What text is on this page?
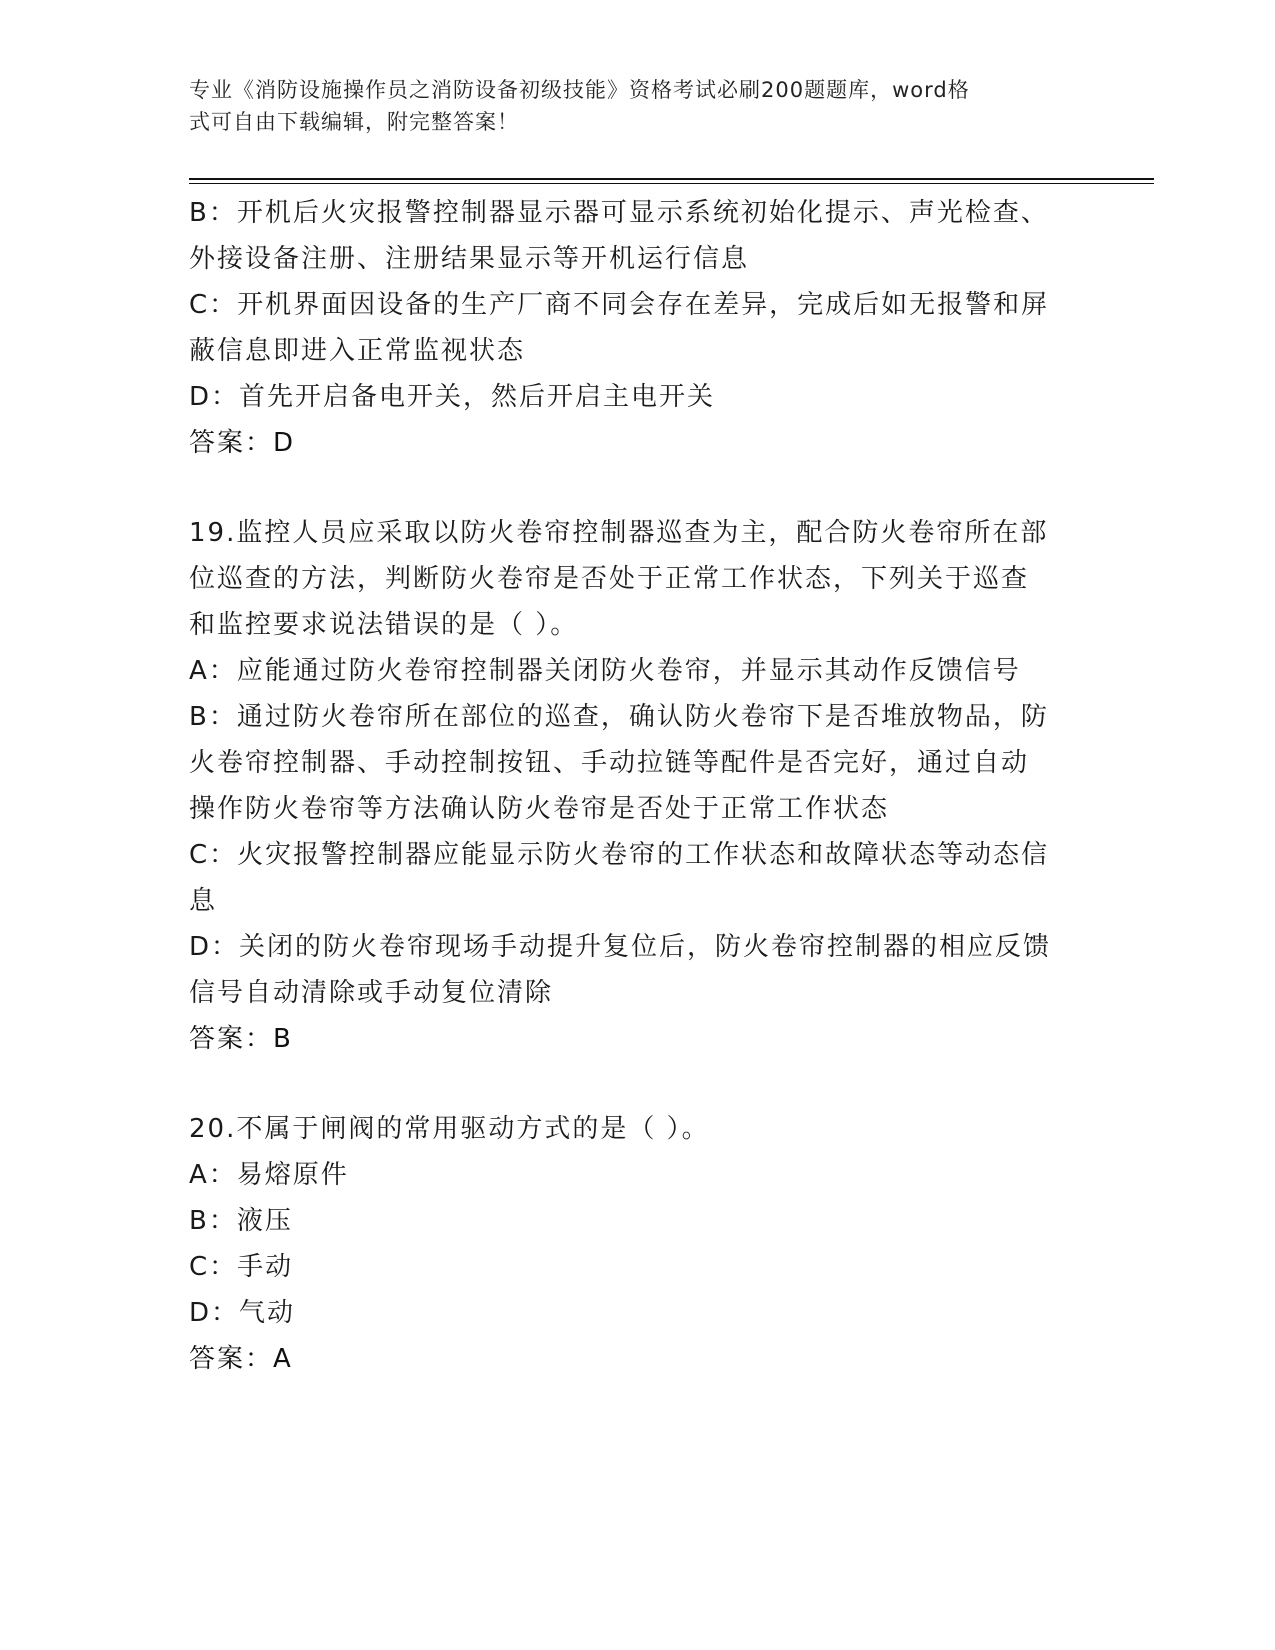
专业《消防设施操作员之消防设备初级技能》资格考试必刷200题题库，word格
式可自由下载编辑，附完整答案！
B：开机后火灾报警控制器显示器可显示系统初始化提示、声光检查、
外接设备注册、注册结果显示等开机运行信息
C：开机界面因设备的生产厂商不同会存在差异，完成后如无报警和屏
蔽信息即进入正常监视状态
D：首先开启备电开关，然后开启主电开关
答案：D
19.监控人员应采取以防火卷帘控制器巡查为主，配合防火卷帘所在部
位巡查的方法，判断防火卷帘是否处于正常工作状态，下列关于巡查
和监控要求说法错误的是（ ）。
A：应能通过防火卷帘控制器关闭防火卷帘，并显示其动作反馈信号
B：通过防火卷帘所在部位的巡查，确认防火卷帘下是否堆放物品，防
火卷帘控制器、手动控制按钮、手动拉链等配件是否完好，通过自动
操作防火卷帘等方法确认防火卷帘是否处于正常工作状态
C：火灾报警控制器应能显示防火卷帘的工作状态和故障状态等动态信
息
D：关闭的防火卷帘现场手动提升复位后，防火卷帘控制器的相应反馈
信号自动清除或手动复位清除
答案：B
20.不属于闸阀的常用驱动方式的是（ ）。
A：易熔原件
B：液压
C：手动
D：气动
答案：A
